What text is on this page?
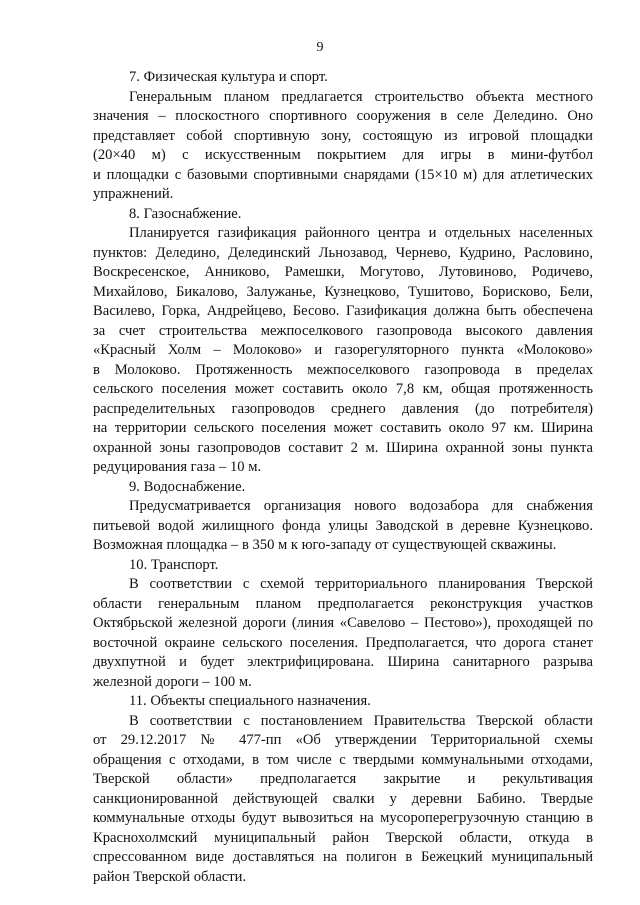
9
7. Физическая культура и спорт.
Генеральным планом предлагается строительство объекта местного
значения – плоскостного спортивного сооружения в селе Деледино. Оно
представляет собой спортивную зону, состоящую из игровой площадки
(20×40 м) с искусственным покрытием для игры в мини-футбол
и площадки с базовыми спортивными снарядами (15×10 м) для атлетических
упражнений.
8. Газоснабжение.
Планируется газификация районного центра и отдельных населенных
пунктов: Деледино, Дeлединский Льнозавод, Чернево, Кудрино, Расловино,
Воскресенское, Анниково, Рамешки, Могутово, Лутовиново, Родичево,
Михайлово, Бикалово, Залужанье, Кузнецково, Тушитово, Борисково, Бели,
Василево, Горка, Андрейцево, Бесово. Газификация должна быть обеспечена
за счет строительства межпоселкового газопровода высокого давления
«Красный Холм – Молоково» и газорегуляторного пункта «Молоково»
в Молоково. Протяженность межпоселкового газопровода в пределах
сельского поселения может составить около 7,8 км, общая протяженность
распределительных газопроводов среднего давления (до потребителя)
на территории сельского поселения может составить около 97 км. Ширина
охранной зоны газопроводов составит 2 м. Ширина охранной зоны пункта
редуцирования газа – 10 м.
9. Водоснабжение.
Предусматривается организация нового водозабора для снабжения
питьевой водой жилищного фонда улицы Заводской в деревне Кузнецково.
Возможная площадка – в 350 м к юго-западу от существующей скважины.
10. Транспорт.
В соответствии с схемой территориального планирования Тверской
области генеральным планом предполагается реконструкция участков
Октябрьской железной дороги (линия «Савелово – Пестово»), проходящей по
восточной окраине сельского поселения. Предполагается, что дорога станет
двухпутной и будет электрифицирована. Ширина санитарного разрыва
железной дороги – 100 м.
11. Объекты специального назначения.
В соответствии с постановлением Правительства Тверской области
от 29.12.2017 № 477-пп «Об утверждении Территориальной схемы
обращения с отходами, в том числе с твердыми коммунальными отходами,
Тверской области» предполагается закрытие и рекультивация
санкционированной действующей свалки у деревни Бабино. Твердые
коммунальные отходы будут вывозиться на мусороперегрузочную станцию в
Краснохолмский муниципальный район Тверской области, откуда в
спрессованном виде доставляться на полигон в Бежецкий муниципальный
район Тверской области.
